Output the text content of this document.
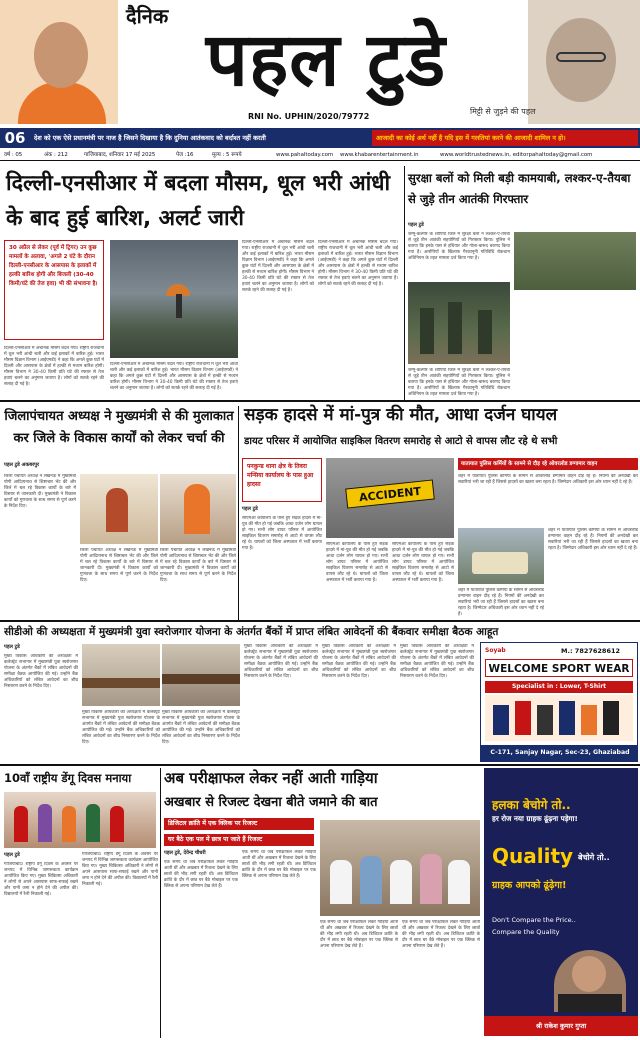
दैनिक
पहल टुडे
RNI No. UPHIN/2020/79772
मिट्टी से जुड़ने की पहल
06	देश को एक ऐसे प्रधानमंत्री पर नाज है जिसने दिखाया है कि दुनिया आतंकवाद को बर्दाश्त नहीं करती	आजादी का कोई अर्थ नहीं है यदि इस में गलतियां करने की आजादी शामिल न हो।
वर्ष : 05	अंक : 212	गाजियाबाद, शनिवार 17 मई 2025	पेज :16	मूल्य : 5 रूपये	www.pahaltoday.com www.khabarentertainment.in	www.worldtrustednews.in, editorpahaltoday@gmail.com
दिल्ली-एनसीआर में बदला मौसम, धूल भरी आंधी के बाद हुई बारिश, अलर्ट जारी
30 अप्रैल से लेकर (पूर्व में ट्रिगर) उन कुछ मामलों के अलावा, 'अगले 2 घंटे के दौरान दिल्ली-एनसीआर के आसपास के इलाकों में हल्की बारिश होगी और बिजली (30-40 किमी/घंटे की तेज हवा) भी की संभावना है।
दिल्ली-एनसीआर में अचानक मौसम बदल गया। राष्ट्रीय राजधानी में धूल भरी आंधी चली और कई इलाकों में बारिश हुई। भारत मौसम विज्ञान विभाग (आईएमडी) ने कहा कि अगले कुछ घंटों में दिल्ली और आसपास के क्षेत्रों में हल्की से मध्यम बारिश होगी। मौसम विभाग ने 30-40 किमी प्रति घंटे की रफ्तार से तेज हवाएं चलने का अनुमान जताया है। लोगों को सतर्क रहने की सलाह दी गई है।
दिल्ली-एनसीआर में अचानक मौसम बदल गया। राष्ट्रीय राजधानी में धूल भरी आंधी चली और कई इलाकों में बारिश हुई। भारत मौसम विज्ञान विभाग (आईएमडी) ने कहा कि अगले कुछ घंटों में दिल्ली और आसपास के क्षेत्रों में हल्की से मध्यम बारिश होगी। मौसम विभाग ने 30-40 किमी प्रति घंटे की रफ्तार से तेज हवाएं चलने का अनुमान जताया है। लोगों को सतर्क रहने की सलाह दी गई है।
दिल्ली-एनसीआर में अचानक मौसम बदल गया। राष्ट्रीय राजधानी में धूल भरी आंधी चली और कई इलाकों में बारिश हुई। भारत मौसम विज्ञान विभाग (आईएमडी) ने कहा कि अगले कुछ घंटों में दिल्ली और आसपास के क्षेत्रों में हल्की से मध्यम बारिश होगी। मौसम विभाग ने 30-40 किमी प्रति घंटे की रफ्तार से तेज हवाएं चलने का अनुमान जताया है। लोगों को सतर्क रहने की सलाह दी गई है।
दिल्ली-एनसीआर में अचानक मौसम बदल गया। राष्ट्रीय राजधानी में धूल भरी आंधी चली और कई इलाकों में बारिश हुई। भारत मौसम विज्ञान विभाग (आईएमडी) ने कहा कि अगले कुछ घंटों में दिल्ली और आसपास के क्षेत्रों में हल्की से मध्यम बारिश होगी। मौसम विभाग ने 30-40 किमी प्रति घंटे की रफ्तार से तेज हवाएं चलने का अनुमान जताया है। लोगों को सतर्क रहने की सलाह दी गई है।
सुरक्षा बलों को मिली बड़ी कामयाबी, लश्कर-ए-तैयबा से जुड़े तीन आतंकी गिरफ्तार
पहल टुडे
जम्मू-कश्मीर के शोपियां जिले में सुरक्षा बलों ने लश्कर-ए-तैयबा से जुड़े तीन आतंकी सहयोगियों को गिरफ्तार किया। पुलिस ने बताया कि इनके पास से हथियार और गोला-बारूद बरामद किया गया है। आरोपियों के खिलाफ गैरकानूनी गतिविधि रोकथाम अधिनियम के तहत मामला दर्ज किया गया है।
जम्मू-कश्मीर के शोपियां जिले में सुरक्षा बलों ने लश्कर-ए-तैयबा से जुड़े तीन आतंकी सहयोगियों को गिरफ्तार किया। पुलिस ने बताया कि इनके पास से हथियार और गोला-बारूद बरामद किया गया है। आरोपियों के खिलाफ गैरकानूनी गतिविधि रोकथाम अधिनियम के तहत मामला दर्ज किया गया है।
जिलापंचायत अध्यक्ष ने मुख्यमंत्री से की मुलाकात कर जिले के विकास कार्यों को लेकर चर्चा की
पहल टुडे अकबरपुर
जिला पंचायत अध्यक्ष ने लखनऊ में मुख्यमंत्री योगी आदित्यनाथ से शिष्टाचार भेंट की और जिले में चल रहे विकास कार्यों के बारे में विस्तार से जानकारी दी। मुख्यमंत्री ने विकास कार्यों को गुणवत्ता के साथ समय से पूर्ण करने के निर्देश दिए।
जिला पंचायत अध्यक्ष ने लखनऊ में मुख्यमंत्री योगी आदित्यनाथ से शिष्टाचार भेंट की और जिले में चल रहे विकास कार्यों के बारे में विस्तार से जानकारी दी। मुख्यमंत्री ने विकास कार्यों को गुणवत्ता के साथ समय से पूर्ण करने के निर्देश दिए।
जिला पंचायत अध्यक्ष ने लखनऊ में मुख्यमंत्री योगी आदित्यनाथ से शिष्टाचार भेंट की और जिले में चल रहे विकास कार्यों के बारे में विस्तार से जानकारी दी। मुख्यमंत्री ने विकास कार्यों को गुणवत्ता के साथ समय से पूर्ण करने के निर्देश दिए।
सड़क हादसे में मां-पुत्र की मौत, आधा दर्जन घायल
डायट परिसर में आयोजित साइकिल वितरण समारोह से आटो से वापस लौट रहे थे सभी
पनकुन्ड थाना क्षेत्र के तिवरा मन्सिया कार्यालय के पास हुआ हादसा
पहल टुडे
सीएमओ कार्यालय के पास हुए सड़क हादसे में मां-पुत्र की मौत हो गई जबकि आधा दर्जन लोग घायल हो गए। सभी लोग डायट परिसर में आयोजित साइकिल वितरण समारोह से आटो से वापस लौट रहे थे। घायलों को जिला अस्पताल में भर्ती कराया गया है।
ACCIDENT
सीएमओ कार्यालय के पास हुए सड़क हादसे में मां-पुत्र की मौत हो गई जबकि आधा दर्जन लोग घायल हो गए। सभी लोग डायट परिसर में आयोजित साइकिल वितरण समारोह से आटो से वापस लौट रहे थे। घायलों को जिला अस्पताल में भर्ती कराया गया है।
सीएमओ कार्यालय के पास हुए सड़क हादसे में मां-पुत्र की मौत हो गई जबकि आधा दर्जन लोग घायल हो गए। सभी लोग डायट परिसर में आयोजित साइकिल वितरण समारोह से आटो से वापस लौट रहे थे। घायलों को जिला अस्पताल में भर्ती कराया गया है।
यातायात पुलिस कर्मियों के सामने से दौड़ रहे ओवरलोड डग्गामार वाहन
शहर में यातायात पुलिस कर्मियों के सामने से ओवरलोड डग्गामार वाहन दौड़ रहे हैं। नियमों की अनदेखी कर सवारियां भरी जा रही हैं जिससे हादसों का खतरा बना रहता है। जिम्मेदार अधिकारी इस ओर ध्यान नहीं दे रहे हैं।
शहर में यातायात पुलिस कर्मियों के सामने से ओवरलोड डग्गामार वाहन दौड़ रहे हैं। नियमों की अनदेखी कर सवारियां भरी जा रही हैं जिससे हादसों का खतरा बना रहता है। जिम्मेदार अधिकारी इस ओर ध्यान नहीं दे रहे हैं।
शहर में यातायात पुलिस कर्मियों के सामने से ओवरलोड डग्गामार वाहन दौड़ रहे हैं। नियमों की अनदेखी कर सवारियां भरी जा रही हैं जिससे हादसों का खतरा बना रहता है। जिम्मेदार अधिकारी इस ओर ध्यान नहीं दे रहे हैं।
सीडीओ की अध्यक्षता में मुख्यमंत्री युवा स्वरोजगार योजना के अंतर्गत बैंकों में प्राप्त लंबित आवेदनों की बैंकवार समीक्षा बैठक आहूत
पहल टुडे
मुख्य विकास अधिकारी की अध्यक्षता में कलेक्ट्रेट सभागार में मुख्यमंत्री युवा स्वरोजगार योजना के अंतर्गत बैंकों में लंबित आवेदनों की समीक्षा बैठक आयोजित की गई। उन्होंने बैंक अधिकारियों को लंबित आवेदनों का शीघ्र निस्तारण करने के निर्देश दिए।
मुख्य विकास अधिकारी की अध्यक्षता में कलेक्ट्रेट सभागार में मुख्यमंत्री युवा स्वरोजगार योजना के अंतर्गत बैंकों में लंबित आवेदनों की समीक्षा बैठक आयोजित की गई। उन्होंने बैंक अधिकारियों को लंबित आवेदनों का शीघ्र निस्तारण करने के निर्देश दिए।
मुख्य विकास अधिकारी की अध्यक्षता में कलेक्ट्रेट सभागार में मुख्यमंत्री युवा स्वरोजगार योजना के अंतर्गत बैंकों में लंबित आवेदनों की समीक्षा बैठक आयोजित की गई। उन्होंने बैंक अधिकारियों को लंबित आवेदनों का शीघ्र निस्तारण करने के निर्देश दिए।
मुख्य विकास अधिकारी की अध्यक्षता में कलेक्ट्रेट सभागार में मुख्यमंत्री युवा स्वरोजगार योजना के अंतर्गत बैंकों में लंबित आवेदनों की समीक्षा बैठक आयोजित की गई। उन्होंने बैंक अधिकारियों को लंबित आवेदनों का शीघ्र निस्तारण करने के निर्देश दिए।
मुख्य विकास अधिकारी की अध्यक्षता में कलेक्ट्रेट सभागार में मुख्यमंत्री युवा स्वरोजगार योजना के अंतर्गत बैंकों में लंबित आवेदनों की समीक्षा बैठक आयोजित की गई। उन्होंने बैंक अधिकारियों को लंबित आवेदनों का शीघ्र निस्तारण करने के निर्देश दिए।
मुख्य विकास अधिकारी की अध्यक्षता में कलेक्ट्रेट सभागार में मुख्यमंत्री युवा स्वरोजगार योजना के अंतर्गत बैंकों में लंबित आवेदनों की समीक्षा बैठक आयोजित की गई। उन्होंने बैंक अधिकारियों को लंबित आवेदनों का शीघ्र निस्तारण करने के निर्देश दिए।
Soyab	M.: 7827628612
WELCOME SPORT WEAR
Specialist in : Lower, T-Shirt
C-171, Sanjay Nagar, Sec-23, Ghaziabad
10वाँ राष्ट्रीय डेंगू दिवस मनाया
पहल टुडे
गाजियाबाद। राष्ट्रीय डेंगू दिवस के अवसर पर जनपद में विभिन्न जागरूकता कार्यक्रम आयोजित किए गए। मुख्य चिकित्सा अधिकारी ने लोगों से अपने आसपास साफ-सफाई रखने और पानी जमा न होने देने की अपील की। विद्यालयों में रैली निकाली गई।
गाजियाबाद। राष्ट्रीय डेंगू दिवस के अवसर पर जनपद में विभिन्न जागरूकता कार्यक्रम आयोजित किए गए। मुख्य चिकित्सा अधिकारी ने लोगों से अपने आसपास साफ-सफाई रखने और पानी जमा न होने देने की अपील की। विद्यालयों में रैली निकाली गई।
अब परीक्षाफल लेकर नहीं आती गाड़िया
अखबार से रिजल्ट देखना बीते जमाने की बात
डिजिटल क्रांति में एक क्लिक पर रिजल्ट
घर बैठे एक पल में छात्र पा जाते हैं रिजल्ट
पहल टुडे, देवेन्द्र चौधरी
एक समय था जब परीक्षाफल लेकर गाड़ियां आती थीं और अखबार में रिजल्ट देखने के लिए छात्रों की भीड़ लगी रहती थी। अब डिजिटल क्रांति के दौर में छात्र घर बैठे मोबाइल पर एक क्लिक से अपना परिणाम देख लेते हैं।
एक समय था जब परीक्षाफल लेकर गाड़ियां आती थीं और अखबार में रिजल्ट देखने के लिए छात्रों की भीड़ लगी रहती थी। अब डिजिटल क्रांति के दौर में छात्र घर बैठे मोबाइल पर एक क्लिक से अपना परिणाम देख लेते हैं।
एक समय था जब परीक्षाफल लेकर गाड़ियां आती थीं और अखबार में रिजल्ट देखने के लिए छात्रों की भीड़ लगी रहती थी। अब डिजिटल क्रांति के दौर में छात्र घर बैठे मोबाइल पर एक क्लिक से अपना परिणाम देख लेते हैं।
एक समय था जब परीक्षाफल लेकर गाड़ियां आती थीं और अखबार में रिजल्ट देखने के लिए छात्रों की भीड़ लगी रहती थी। अब डिजिटल क्रांति के दौर में छात्र घर बैठे मोबाइल पर एक क्लिक से अपना परिणाम देख लेते हैं।
हलका बेचोगे तो..
हर रोज नया ग्राहक ढूंढ़ना पड़ेगा!
Quality बेचोगे तो..
ग्राहक आपको ढूंढ़ेगा!
Don't Compare the Price..
Compare the Quality
श्री राकेश कुमार गुप्ता
